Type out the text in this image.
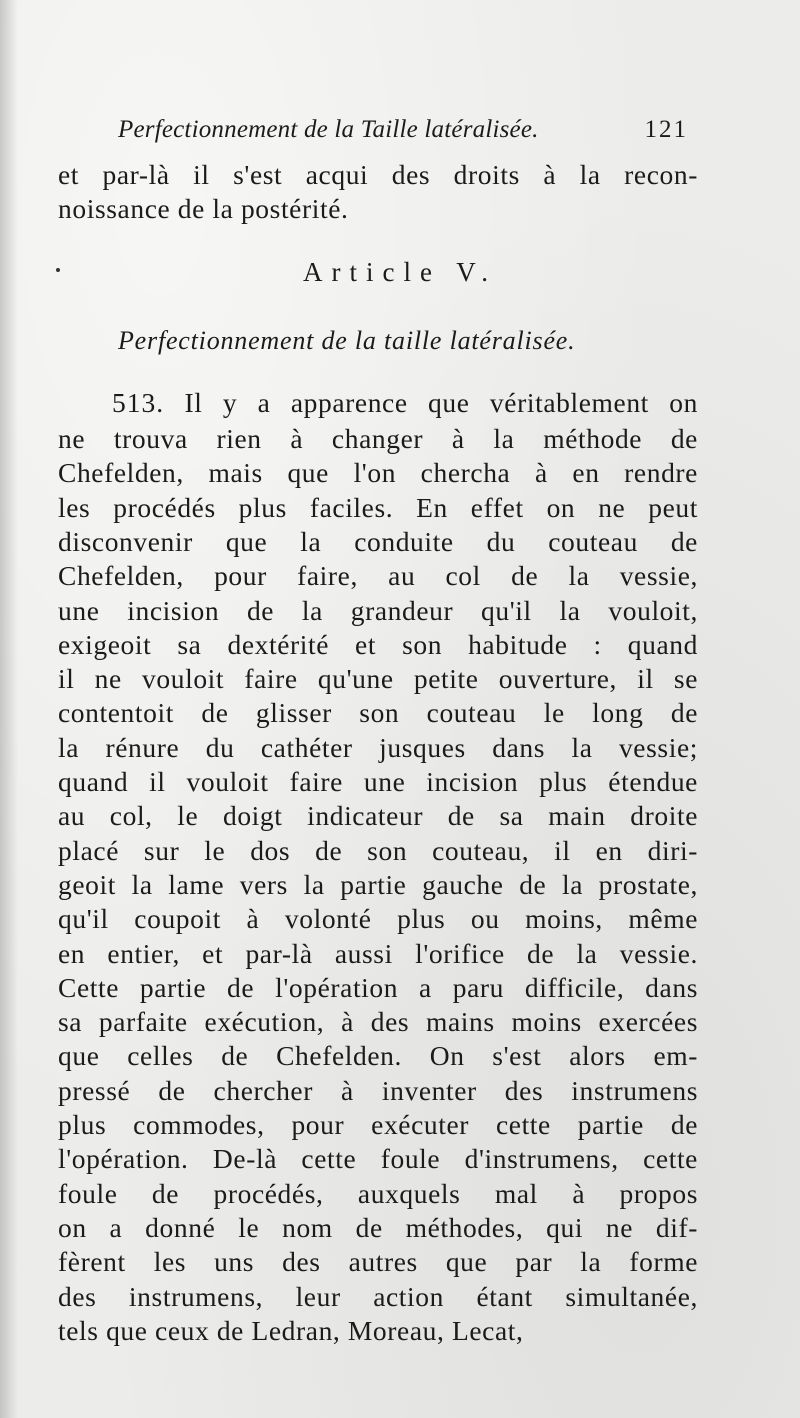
Perfectionnement de la Taille latéralisée.	121
et par-là il s'est acqui des droits à la recon-
noissance de la postérité.
Article V.
Perfectionnement de la taille latéralisée.
513. Il y a apparence que véritablement on
ne trouva rien à changer à la méthode de
Chefelden, mais que l'on chercha à en rendre
les procédés plus faciles. En effet on ne peut
disconvenir que la conduite du couteau de
Chefelden, pour faire, au col de la vessie,
une incision de la grandeur qu'il la vouloit,
exigeoit sa dextérité et son habitude : quand
il ne vouloit faire qu'une petite ouverture, il se
contentoit de glisser son couteau le long de
la rénure du cathéter jusques dans la vessie;
quand il vouloit faire une incision plus étendue
au col, le doigt indicateur de sa main droite
placé sur le dos de son couteau, il en diri-
geoit la lame vers la partie gauche de la prostate,
qu'il coupoit à volonté plus ou moins, même
en entier, et par-là aussi l'orifice de la vessie.
Cette partie de l'opération a paru difficile, dans
sa parfaite exécution, à des mains moins exercées
que celles de Chefelden. On s'est alors em-
pressé de chercher à inventer des instrumens
plus commodes, pour exécuter cette partie de
l'opération. De-là cette foule d'instrumens, cette
foule de procédés, auxquels mal à propos
on a donné le nom de méthodes, qui ne dif-
fèrent les uns des autres que par la forme
des instrumens, leur action étant simultanée,
tels que ceux de Ledran, Moreau, Lecat,
